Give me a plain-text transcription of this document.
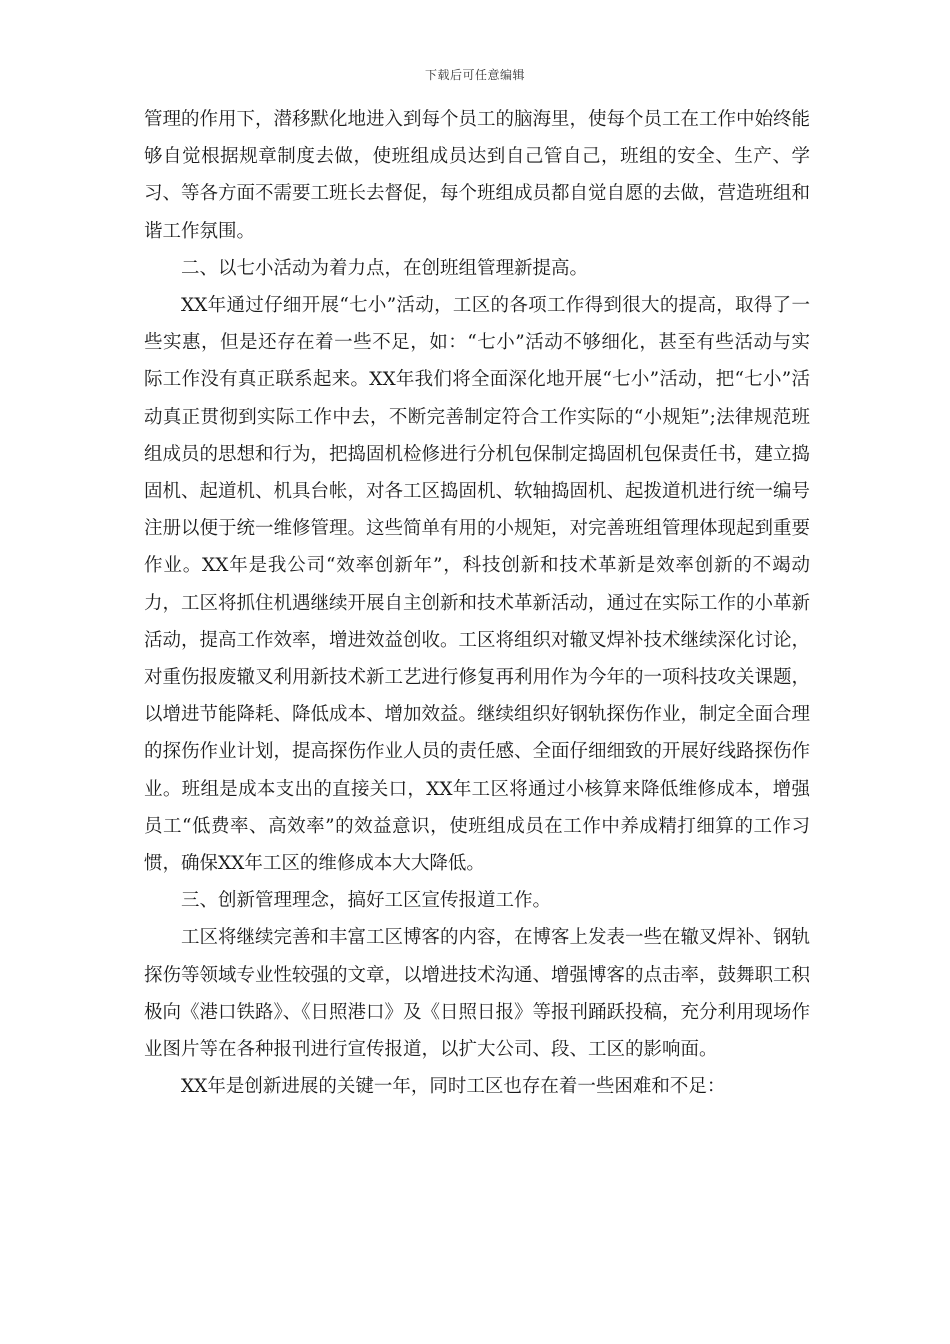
下载后可任意编辑

管理的作用下，潜移默化地进入到每个员工的脑海里，使每个员工在工作中始终能够自觉根据规章制度去做，使班组成员达到自己管自己，班组的安全、生产、学习、等各方面不需要工班长去督促，每个班组成员都自觉自愿的去做，营造班组和谐工作氛围。

二、以七小活动为着力点，在创班组管理新提高。

XX年通过仔细开展“七小”活动，工区的各项工作得到很大的提高，取得了一些实惠，但是还存在着一些不足，如：“七小”活动不够细化，甚至有些活动与实际工作没有真正联系起来。XX年我们将全面深化地开展“七小”活动，把“七小”活动真正贯彻到实际工作中去，不断完善制定符合工作实际的“小规矩”;法律规范班组成员的思想和行为，把捣固机检修进行分机包保制定捣固机包保责任书，建立捣固机、起道机、机具台帐，对各工区捣固机、软轴捣固机、起拨道机进行统一编号注册以便于统一维修管理。这些简单有用的小规矩，对完善班组管理体现起到重要作业。XX年是我公司“效率创新年”，科技创新和技术革新是效率创新的不竭动力，工区将抓住机遇继续开展自主创新和技术革新活动，通过在实际工作的小革新活动，提高工作效率，增进效益创收。工区将组织对辙叉焊补技术继续深化讨论，对重伤报废辙叉利用新技术新工艺进行修复再利用作为今年的一项科技攻关课题，以增进节能降耗、降低成本、增加效益。继续组织好钢轨探伤作业，制定全面合理的探伤作业计划，提高探伤作业人员的责任感、全面仔细细致的开展好线路探伤作业。班组是成本支出的直接关口，XX年工区将通过小核算来降低维修成本，增强员工“低费率、高效率”的效益意识，使班组成员在工作中养成精打细算的工作习惯，确保XX年工区的维修成本大大降低。

三、创新管理理念，搞好工区宣传报道工作。

工区将继续完善和丰富工区博客的内容，在博客上发表一些在辙叉焊补、钢轨探伤等领域专业性较强的文章，以增进技术沟通、增强博客的点击率，鼓舞职工积极向《港口铁路》、《日照港口》及《日照日报》等报刊踊跃投稿，充分利用现场作业图片等在各种报刊进行宣传报道，以扩大公司、段、工区的影响面。

XX年是创新进展的关键一年，同时工区也存在着一些困难和不足：
